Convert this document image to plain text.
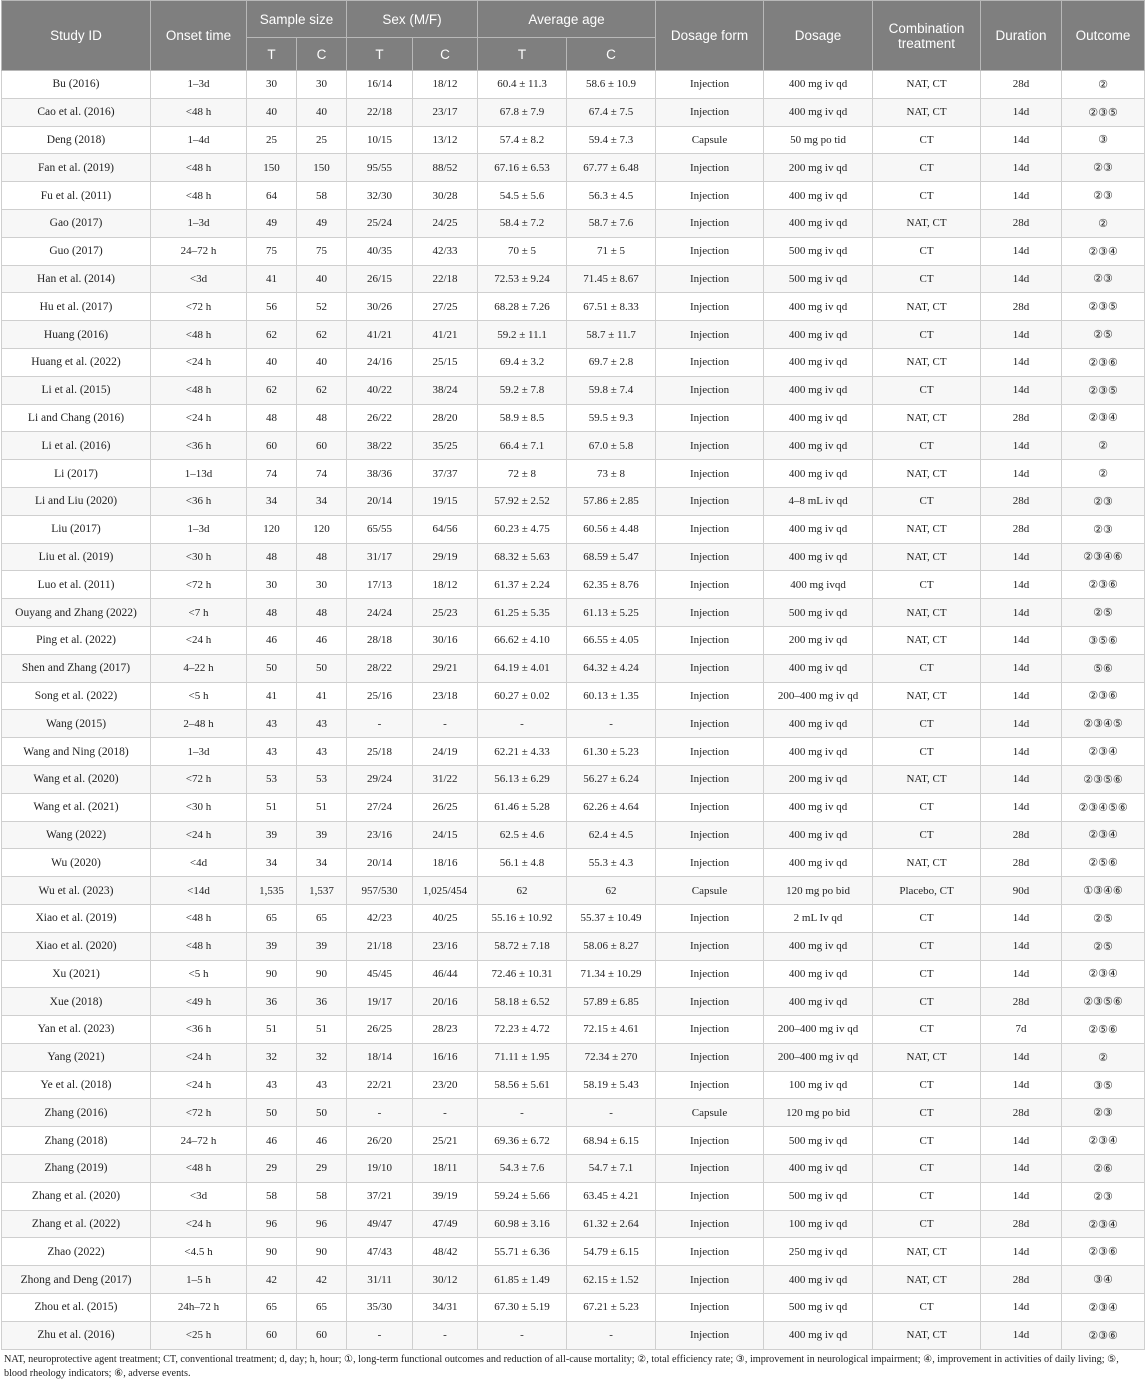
Study ID	Onset time	Sample size		Sex (M/F)		Average age		Dosage form	Dosage	Combination treatment	Duration	Outcome
		T	C	T	C	T	C					
Bu (2016)	1–3d	30	30	16/14	18/12	60.4 ± 11.3	58.6 ± 10.9	Injection	400 mg iv qd	NAT, CT	28d	②
Cao et al. (2016)	<48 h	40	40	22/18	23/17	67.8 ± 7.9	67.4 ± 7.5	Injection	400 mg iv qd	NAT, CT	14d	②③⑤
Deng (2018)	1–4d	25	25	10/15	13/12	57.4 ± 8.2	59.4 ± 7.3	Capsule	50 mg po tid	CT	14d	③
Fan et al. (2019)	<48 h	150	150	95/55	88/52	67.16 ± 6.53	67.77 ± 6.48	Injection	200 mg iv qd	CT	14d	②③
Fu et al. (2011)	<48 h	64	58	32/30	30/28	54.5 ± 5.6	56.3 ± 4.5	Injection	400 mg iv qd	CT	14d	②③
Gao (2017)	1–3d	49	49	25/24	24/25	58.4 ± 7.2	58.7 ± 7.6	Injection	400 mg iv qd	NAT, CT	28d	②
Guo (2017)	24–72 h	75	75	40/35	42/33	70 ± 5	71 ± 5	Injection	500 mg iv qd	CT	14d	②③④
Han et al. (2014)	<3d	41	40	26/15	22/18	72.53 ± 9.24	71.45 ± 8.67	Injection	500 mg iv qd	CT	14d	②③
Hu et al. (2017)	<72 h	56	52	30/26	27/25	68.28 ± 7.26	67.51 ± 8.33	Injection	400 mg iv qd	NAT, CT	28d	②③⑤
Huang (2016)	<48 h	62	62	41/21	41/21	59.2 ± 11.1	58.7 ± 11.7	Injection	400 mg iv qd	CT	14d	②⑤
Huang et al. (2022)	<24 h	40	40	24/16	25/15	69.4 ± 3.2	69.7 ± 2.8	Injection	400 mg iv qd	NAT, CT	14d	②③⑥
Li et al. (2015)	<48 h	62	62	40/22	38/24	59.2 ± 7.8	59.8 ± 7.4	Injection	400 mg iv qd	CT	14d	②③⑤
Li and Chang (2016)	<24 h	48	48	26/22	28/20	58.9 ± 8.5	59.5 ± 9.3	Injection	400 mg iv qd	NAT, CT	28d	②③④
Li et al. (2016)	<36 h	60	60	38/22	35/25	66.4 ± 7.1	67.0 ± 5.8	Injection	400 mg iv qd	CT	14d	②
Li (2017)	1–13d	74	74	38/36	37/37	72 ± 8	73 ± 8	Injection	400 mg iv qd	NAT, CT	14d	②
Li and Liu (2020)	<36 h	34	34	20/14	19/15	57.92 ± 2.52	57.86 ± 2.85	Injection	4–8 mL iv qd	CT	28d	②③
Liu (2017)	1–3d	120	120	65/55	64/56	60.23 ± 4.75	60.56 ± 4.48	Injection	400 mg iv qd	NAT, CT	28d	②③
Liu et al. (2019)	<30 h	48	48	31/17	29/19	68.32 ± 5.63	68.59 ± 5.47	Injection	400 mg iv qd	NAT, CT	14d	②③④⑥
Luo et al. (2011)	<72 h	30	30	17/13	18/12	61.37 ± 2.24	62.35 ± 8.76	Injection	400 mg ivqd	CT	14d	②③⑥
Ouyang and Zhang (2022)	<7 h	48	48	24/24	25/23	61.25 ± 5.35	61.13 ± 5.25	Injection	500 mg iv qd	NAT, CT	14d	②⑤
Ping et al. (2022)	<24 h	46	46	28/18	30/16	66.62 ± 4.10	66.55 ± 4.05	Injection	200 mg iv qd	NAT, CT	14d	③⑤⑥
Shen and Zhang (2017)	4–22 h	50	50	28/22	29/21	64.19 ± 4.01	64.32 ± 4.24	Injection	400 mg iv qd	CT	14d	⑤⑥
Song et al. (2022)	<5 h	41	41	25/16	23/18	60.27 ± 0.02	60.13 ± 1.35	Injection	200–400 mg iv qd	NAT, CT	14d	②③⑥
Wang (2015)	2–48 h	43	43	-	-	-	-	Injection	400 mg iv qd	CT	14d	②③④⑤
Wang and Ning (2018)	1–3d	43	43	25/18	24/19	62.21 ± 4.33	61.30 ± 5.23	Injection	400 mg iv qd	CT	14d	②③④
Wang et al. (2020)	<72 h	53	53	29/24	31/22	56.13 ± 6.29	56.27 ± 6.24	Injection	200 mg iv qd	NAT, CT	14d	②③⑤⑥
Wang et al. (2021)	<30 h	51	51	27/24	26/25	61.46 ± 5.28	62.26 ± 4.64	Injection	400 mg iv qd	CT	14d	②③④⑤⑥
Wang (2022)	<24 h	39	39	23/16	24/15	62.5 ± 4.6	62.4 ± 4.5	Injection	400 mg iv qd	CT	28d	②③④
Wu (2020)	<4d	34	34	20/14	18/16	56.1 ± 4.8	55.3 ± 4.3	Injection	400 mg iv qd	NAT, CT	28d	②⑤⑥
Wu et al. (2023)	<14d	1,535	1,537	957/530	1,025/454	62	62	Capsule	120 mg po bid	Placebo, CT	90d	①③④⑥
Xiao et al. (2019)	<48 h	65	65	42/23	40/25	55.16 ± 10.92	55.37 ± 10.49	Injection	2 mL Iv qd	CT	14d	②⑤
Xiao et al. (2020)	<48 h	39	39	21/18	23/16	58.72 ± 7.18	58.06 ± 8.27	Injection	400 mg iv qd	CT	14d	②⑤
Xu (2021)	<5 h	90	90	45/45	46/44	72.46 ± 10.31	71.34 ± 10.29	Injection	400 mg iv qd	CT	14d	②③④
Xue (2018)	<49 h	36	36	19/17	20/16	58.18 ± 6.52	57.89 ± 6.85	Injection	400 mg iv qd	CT	28d	②③⑤⑥
Yan et al. (2023)	<36 h	51	51	26/25	28/23	72.23 ± 4.72	72.15 ± 4.61	Injection	200–400 mg iv qd	CT	7d	②⑤⑥
Yang (2021)	<24 h	32	32	18/14	16/16	71.11 ± 1.95	72.34 ± 270	Injection	200–400 mg iv qd	NAT, CT	14d	②
Ye et al. (2018)	<24 h	43	43	22/21	23/20	58.56 ± 5.61	58.19 ± 5.43	Injection	100 mg iv qd	CT	14d	③⑤
Zhang (2016)	<72 h	50	50	-	-	-	-	Capsule	120 mg po bid	CT	28d	②③
Zhang (2018)	24–72 h	46	46	26/20	25/21	69.36 ± 6.72	68.94 ± 6.15	Injection	500 mg iv qd	CT	14d	②③④
Zhang (2019)	<48 h	29	29	19/10	18/11	54.3 ± 7.6	54.7 ± 7.1	Injection	400 mg iv qd	CT	14d	②⑥
Zhang et al. (2020)	<3d	58	58	37/21	39/19	59.24 ± 5.66	63.45 ± 4.21	Injection	500 mg iv qd	CT	14d	②③
Zhang et al. (2022)	<24 h	96	96	49/47	47/49	60.98 ± 3.16	61.32 ± 2.64	Injection	100 mg iv qd	CT	28d	②③④
Zhao (2022)	<4.5 h	90	90	47/43	48/42	55.71 ± 6.36	54.79 ± 6.15	Injection	250 mg iv qd	NAT, CT	14d	②③⑥
Zhong and Deng (2017)	1–5 h	42	42	31/11	30/12	61.85 ± 1.49	62.15 ± 1.52	Injection	400 mg iv qd	NAT, CT	28d	③④
Zhou et al. (2015)	24h–72 h	65	65	35/30	34/31	67.30 ± 5.19	67.21 ± 5.23	Injection	500 mg iv qd	CT	14d	②③④
Zhu et al. (2016)	<25 h	60	60	-	-	-	-	Injection	400 mg iv qd	NAT, CT	14d	②③⑥
NAT, neuroprotective agent treatment; CT, conventional treatment; d, day; h, hour; ①, long-term functional outcomes and reduction of all-cause mortality; ②, total efficiency rate; ③, improvement in neurological impairment; ④, improvement in activities of daily living; ⑤, blood rheology indicators; ⑥, adverse events.
